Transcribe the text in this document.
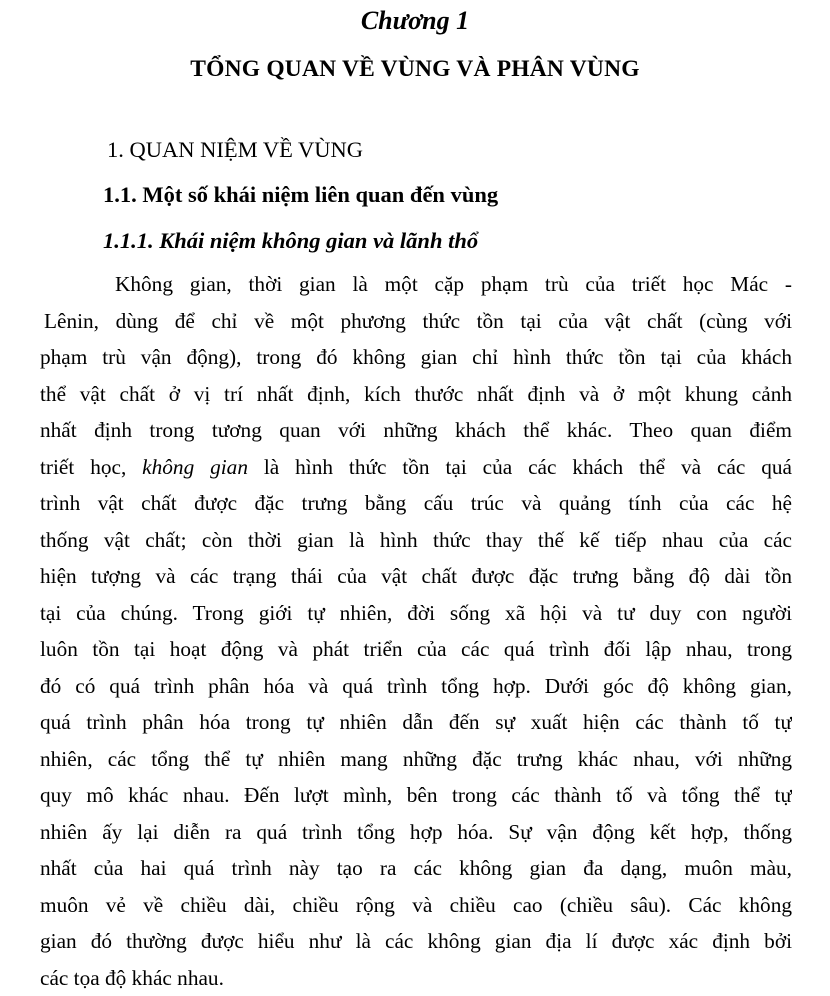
Chương 1
TỔNG QUAN VỀ VÙNG VÀ PHÂN VÙNG
1. QUAN NIỆM VỀ VÙNG
1.1. Một số khái niệm liên quan đến vùng
1.1.1. Khái niệm không gian và lãnh thổ
Không gian, thời gian là một cặp phạm trù của triết học Mác -
Lênin, dùng để chỉ về một phương thức tồn tại của vật chất (cùng với
phạm trù vận động), trong đó không gian chỉ hình thức tồn tại của khách
thể vật chất ở vị trí nhất định, kích thước nhất định và ở một khung cảnh
nhất định trong tương quan với những khách thể khác. Theo quan điểm
triết học, không gian là hình thức tồn tại của các khách thể và các quá
trình vật chất được đặc trưng bằng cấu trúc và quảng tính của các hệ
thống vật chất; còn thời gian là hình thức thay thế kế tiếp nhau của các
hiện tượng và các trạng thái của vật chất được đặc trưng bằng độ dài tồn
tại của chúng. Trong giới tự nhiên, đời sống xã hội và tư duy con người
luôn tồn tại hoạt động và phát triển của các quá trình đối lập nhau, trong
đó có quá trình phân hóa và quá trình tổng hợp. Dưới góc độ không gian,
quá trình phân hóa trong tự nhiên dẫn đến sự xuất hiện các thành tố tự
nhiên, các tổng thể tự nhiên mang những đặc trưng khác nhau, với những
quy mô khác nhau. Đến lượt mình, bên trong các thành tố và tổng thể tự
nhiên ấy lại diễn ra quá trình tổng hợp hóa. Sự vận động kết hợp, thống
nhất của hai quá trình này tạo ra các không gian đa dạng, muôn màu,
muôn vẻ về chiều dài, chiều rộng và chiều cao (chiều sâu). Các không
gian đó thường được hiểu như là các không gian địa lí được xác định bởi
các tọa độ khác nhau.
